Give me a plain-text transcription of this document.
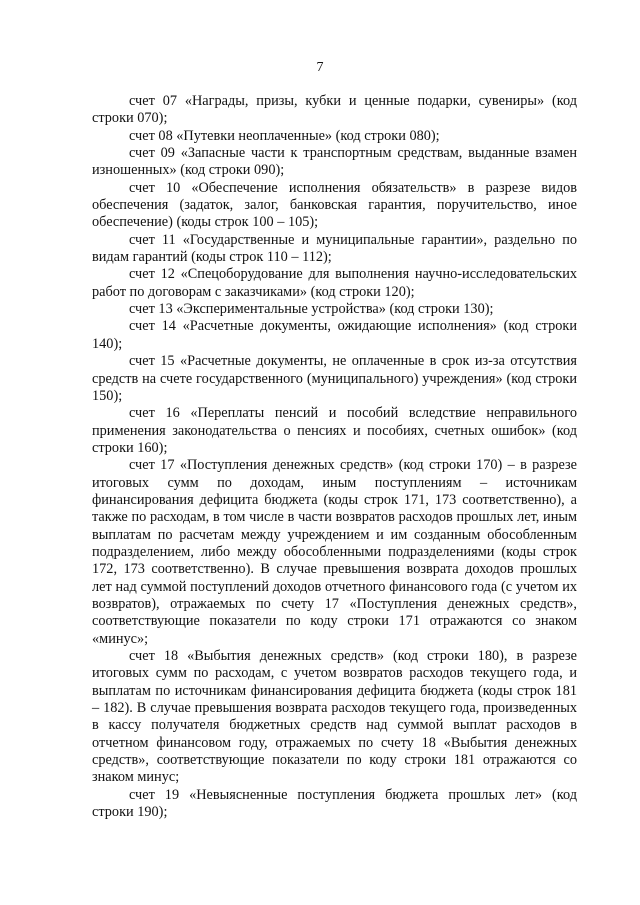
7

счет 07 «Награды, призы, кубки и ценные подарки, сувениры» (код строки 070);

счет 08 «Путевки неоплаченные» (код строки 080);

счет 09 «Запасные части к транспортным средствам, выданные взамен изношенных» (код строки 090);

счет 10 «Обеспечение исполнения обязательств» в разрезе видов обеспечения (задаток, залог, банковская гарантия, поручительство, иное обеспечение) (коды строк 100 – 105);

счет 11 «Государственные и муниципальные гарантии», раздельно по видам гарантий (коды строк 110 – 112);

счет 12 «Спецоборудование для выполнения научно-исследовательских работ по договорам с заказчиками» (код строки 120);

счет 13 «Экспериментальные устройства» (код строки 130);

счет 14 «Расчетные документы, ожидающие исполнения» (код строки 140);

счет 15 «Расчетные документы, не оплаченные в срок из-за отсутствия средств на счете государственного (муниципального) учреждения» (код строки 150);

счет 16 «Переплаты пенсий и пособий вследствие неправильного применения законодательства о пенсиях и пособиях, счетных ошибок» (код строки 160);

счет 17 «Поступления денежных средств» (код строки 170) – в разрезе итоговых сумм по доходам, иным поступлениям – источникам финансирования дефицита бюджета (коды строк 171, 173 соответственно), а также по расходам, в том числе в части возвратов расходов прошлых лет, иным выплатам по расчетам между учреждением и им созданным обособленным подразделением, либо между обособленными подразделениями (коды строк 172, 173 соответственно). В случае превышения возврата доходов прошлых лет над суммой поступлений доходов отчетного финансового года (с учетом их возвратов), отражаемых по счету 17 «Поступления денежных средств», соответствующие показатели по коду строки 171 отражаются со знаком «минус»;

счет 18 «Выбытия денежных средств» (код строки 180), в разрезе итоговых сумм по расходам, с учетом возвратов расходов текущего года, и выплатам по источникам финансирования дефицита бюджета (коды строк 181 – 182). В случае превышения возврата расходов текущего года, произведенных в кассу получателя бюджетных средств над суммой выплат расходов в отчетном финансовом году, отражаемых по счету 18 «Выбытия денежных средств», соответствующие показатели по коду строки 181 отражаются со знаком минус;

счет 19 «Невыясненные поступления бюджета прошлых лет» (код строки 190);
